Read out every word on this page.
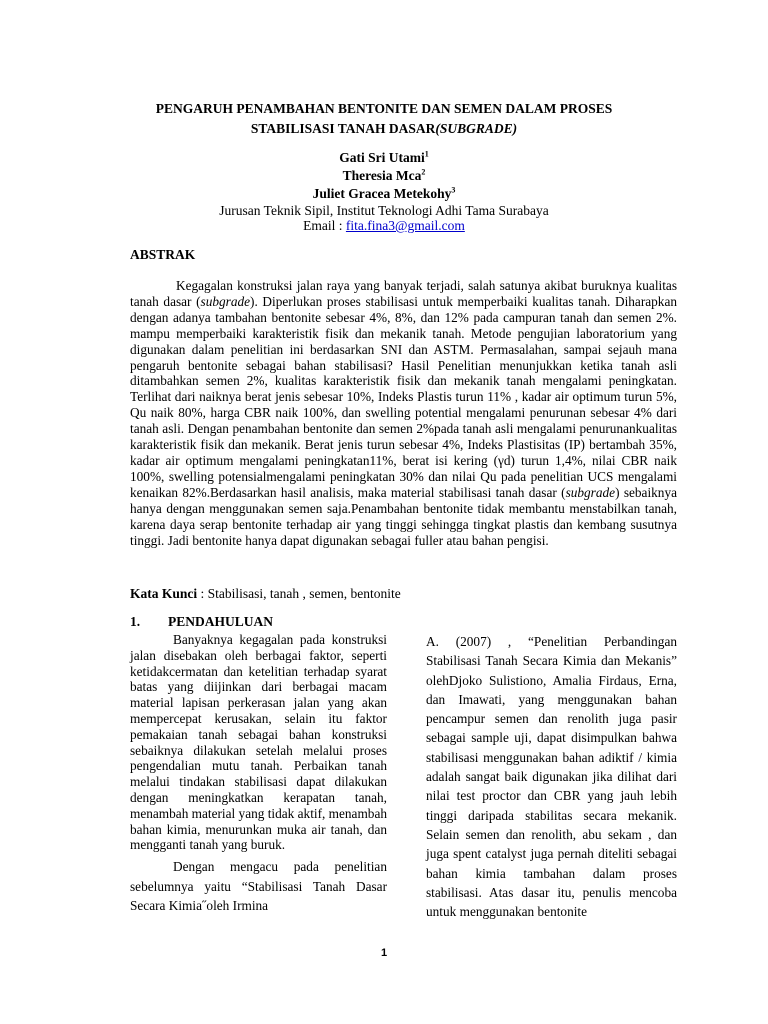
PENGARUH PENAMBAHAN BENTONITE DAN SEMEN DALAM PROSES
STABILISASI TANAH DASAR(SUBGRADE)
Gati Sri Utami$^1$
Theresia Mca$^2$
Juliet Gracea Metekohy$^3$
Jurusan Teknik Sipil, Institut Teknologi Adhi Tama Surabaya
Email : fita.fina3@gmail.com
ABSTRAK

Kegagalan konstruksi jalan raya yang banyak terjadi, salah satunya akibat buruknya kualitas tanah dasar (subgrade). Diperlukan proses stabilisasi untuk memperbaiki kualitas tanah. Diharapkan dengan adanya tambahan bentonite sebesar 4%, 8%, dan 12% pada campuran tanah dan semen 2%. mampu memperbaiki karakteristik fisik dan mekanik tanah. Metode pengujian laboratorium yang digunakan dalam penelitian ini berdasarkan SNI dan ASTM. Permasalahan, sampai sejauh mana pengaruh bentonite sebagai bahan stabilisasi? Hasil Penelitian menunjukkan ketika tanah asli ditambahkan semen 2%, kualitas karakteristik fisik dan mekanik tanah mengalami peningkatan. Terlihat dari naiknya berat jenis sebesar 10%, Indeks Plastis turun 11% , kadar air optimum turun 5%, Qu naik 80%, harga CBR naik 100%, dan swelling potential mengalami penurunan sebesar 4% dari tanah asli. Dengan penambahan bentonite dan semen 2%pada tanah asli mengalami penurunankualitas karakteristik fisik dan mekanik. Berat jenis turun sebesar 4%, Indeks Plastisitas (IP) bertambah 35%, kadar air optimum mengalami peningkatan11%, berat isi kering (γd) turun 1,4%, nilai CBR naik 100%, swelling potensialmengalami peningkatan 30% dan nilai Qu pada penelitian UCS mengalami kenaikan 82%.Berdasarkan hasil analisis, maka material stabilisasi tanah dasar (subgrade) sebaiknya hanya dengan menggunakan semen saja.Penambahan bentonite tidak membantu menstabilkan tanah, karena daya serap bentonite terhadap air yang tinggi sehingga tingkat plastis dan kembang susutnya tinggi. Jadi bentonite hanya dapat digunakan sebagai fuller atau bahan pengisi.

Kata Kunci : Stabilisasi, tanah , semen, bentonite
1. PENDAHULUAN

Banyaknya kegagalan pada konstruksi jalan disebakan oleh berbagai faktor, seperti ketidakcermatan dan ketelitian terhadap syarat batas yang diijinkan dari berbagai macam material lapisan perkerasan jalan yang akan mempercepat kerusakan, selain itu faktor pemakaian tanah sebagai bahan konstruksi sebaiknya dilakukan setelah melalui proses pengendalian mutu tanah. Perbaikan tanah melalui tindakan stabilisasi dapat dilakukan dengan meningkatkan kerapatan tanah, menambah material yang tidak aktif, menambah bahan kimia, menurunkan muka air tanah, dan mengganti tanah yang buruk.

Dengan mengacu pada penelitian sebelumnya yaitu “Stabilisasi Tanah Dasar Secara Kimia˝oleh Irmina

A. (2007) , “Penelitian Perbandingan Stabilisasi Tanah Secara Kimia dan Mekanis” olehDjoko Sulistiono, Amalia Firdaus, Erna, dan Imawati, yang menggunakan bahan pencampur semen dan renolith juga pasir sebagai sample uji, dapat disimpulkan bahwa stabilisasi menggunakan bahan adiktif / kimia adalah sangat baik digunakan jika dilihat dari nilai test proctor dan CBR yang jauh lebih tinggi daripada stabilitas secara mekanik. Selain semen dan renolith, abu sekam , dan juga spent catalyst juga pernah diteliti sebagai bahan kimia tambahan dalam proses stabilisasi. Atas dasar itu, penulis mencoba untuk menggunakan bentonite

1
